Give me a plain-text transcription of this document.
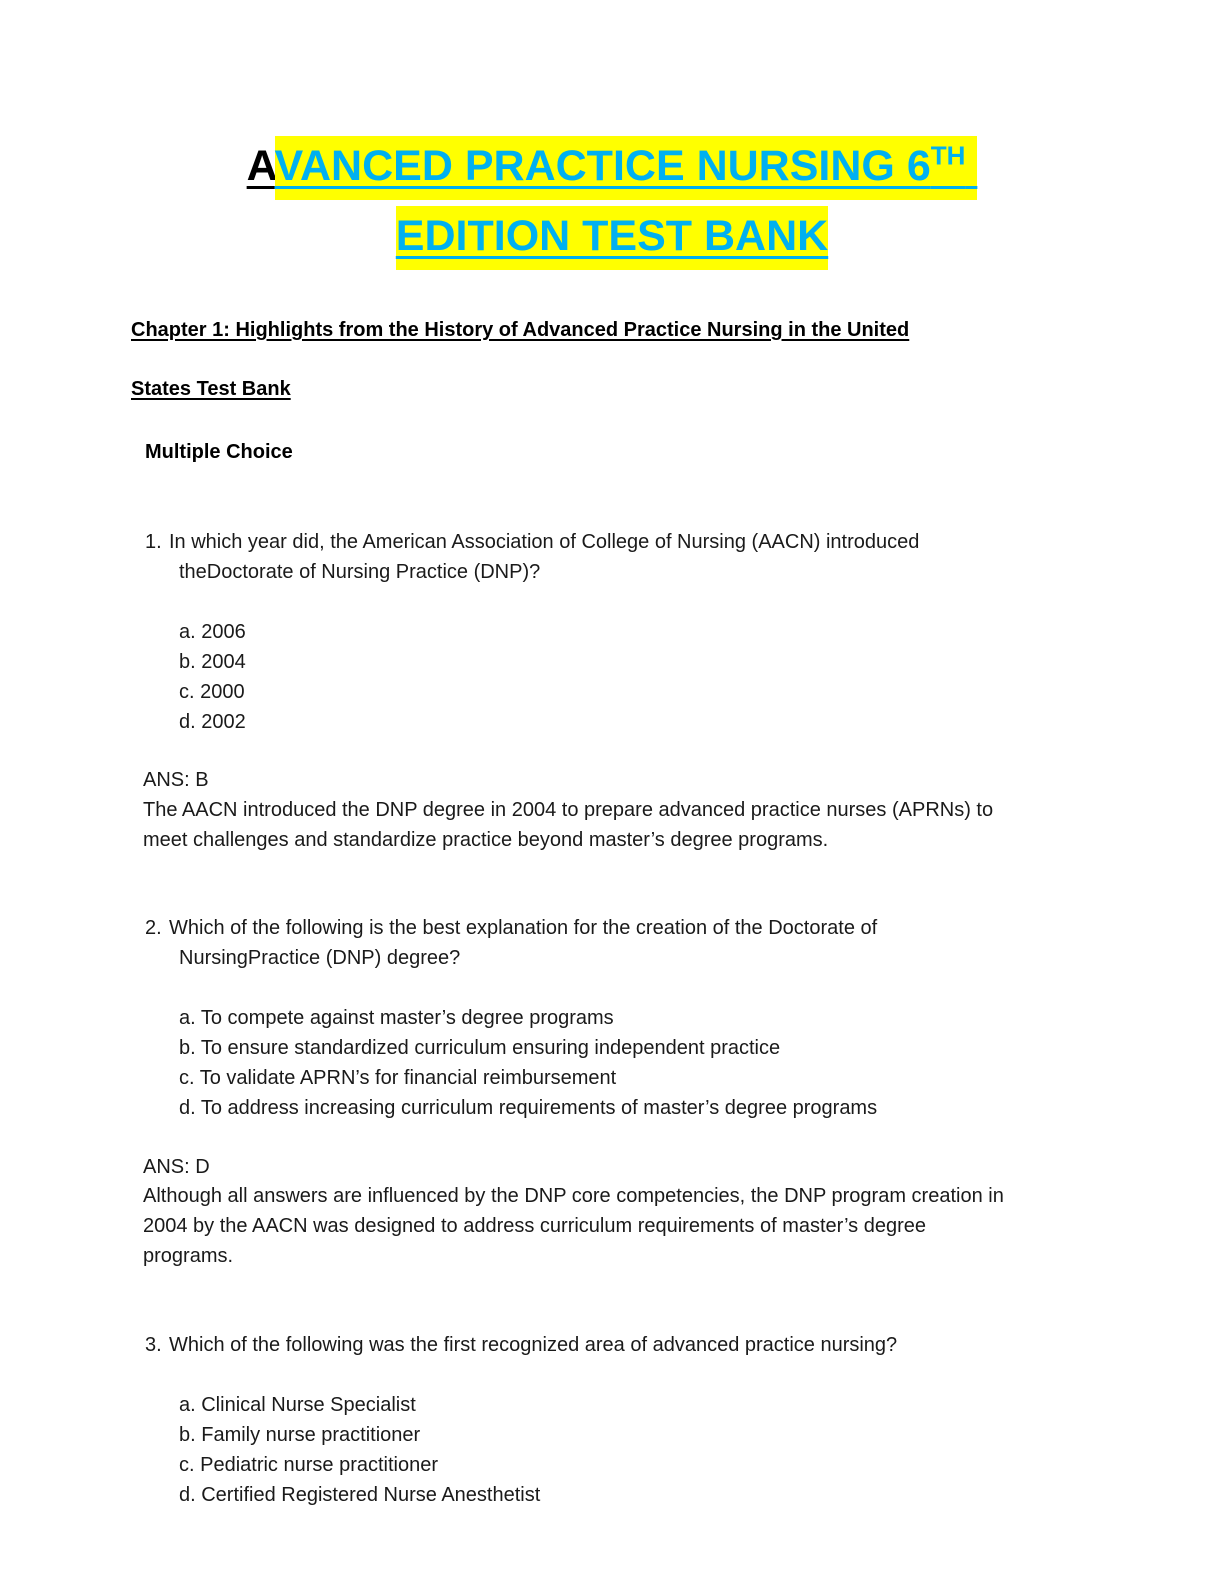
AVANCED PRACTICE NURSING 6TH
EDITION TEST BANK
Chapter 1: Highlights from the History of Advanced Practice Nursing in the United
States Test Bank
Multiple Choice
1. In which year did, the American Association of College of Nursing (AACN) introduced
theDoctorate of Nursing Practice (DNP)?
a. 2006
b. 2004
c. 2000
d. 2002
ANS: B
The AACN introduced the DNP degree in 2004 to prepare advanced practice nurses (APRNs) to
meet challenges and standardize practice beyond master’s degree programs.
2. Which of the following is the best explanation for the creation of the Doctorate of
NursingPractice (DNP) degree?
a. To compete against master’s degree programs
b. To ensure standardized curriculum ensuring independent practice
c. To validate APRN’s for financial reimbursement
d. To address increasing curriculum requirements of master’s degree programs
ANS: D
Although all answers are influenced by the DNP core competencies, the DNP program creation in
2004 by the AACN was designed to address curriculum requirements of master’s degree
programs.
3. Which of the following was the first recognized area of advanced practice nursing?
a. Clinical Nurse Specialist
b. Family nurse practitioner
c. Pediatric nurse practitioner
d. Certified Registered Nurse Anesthetist
